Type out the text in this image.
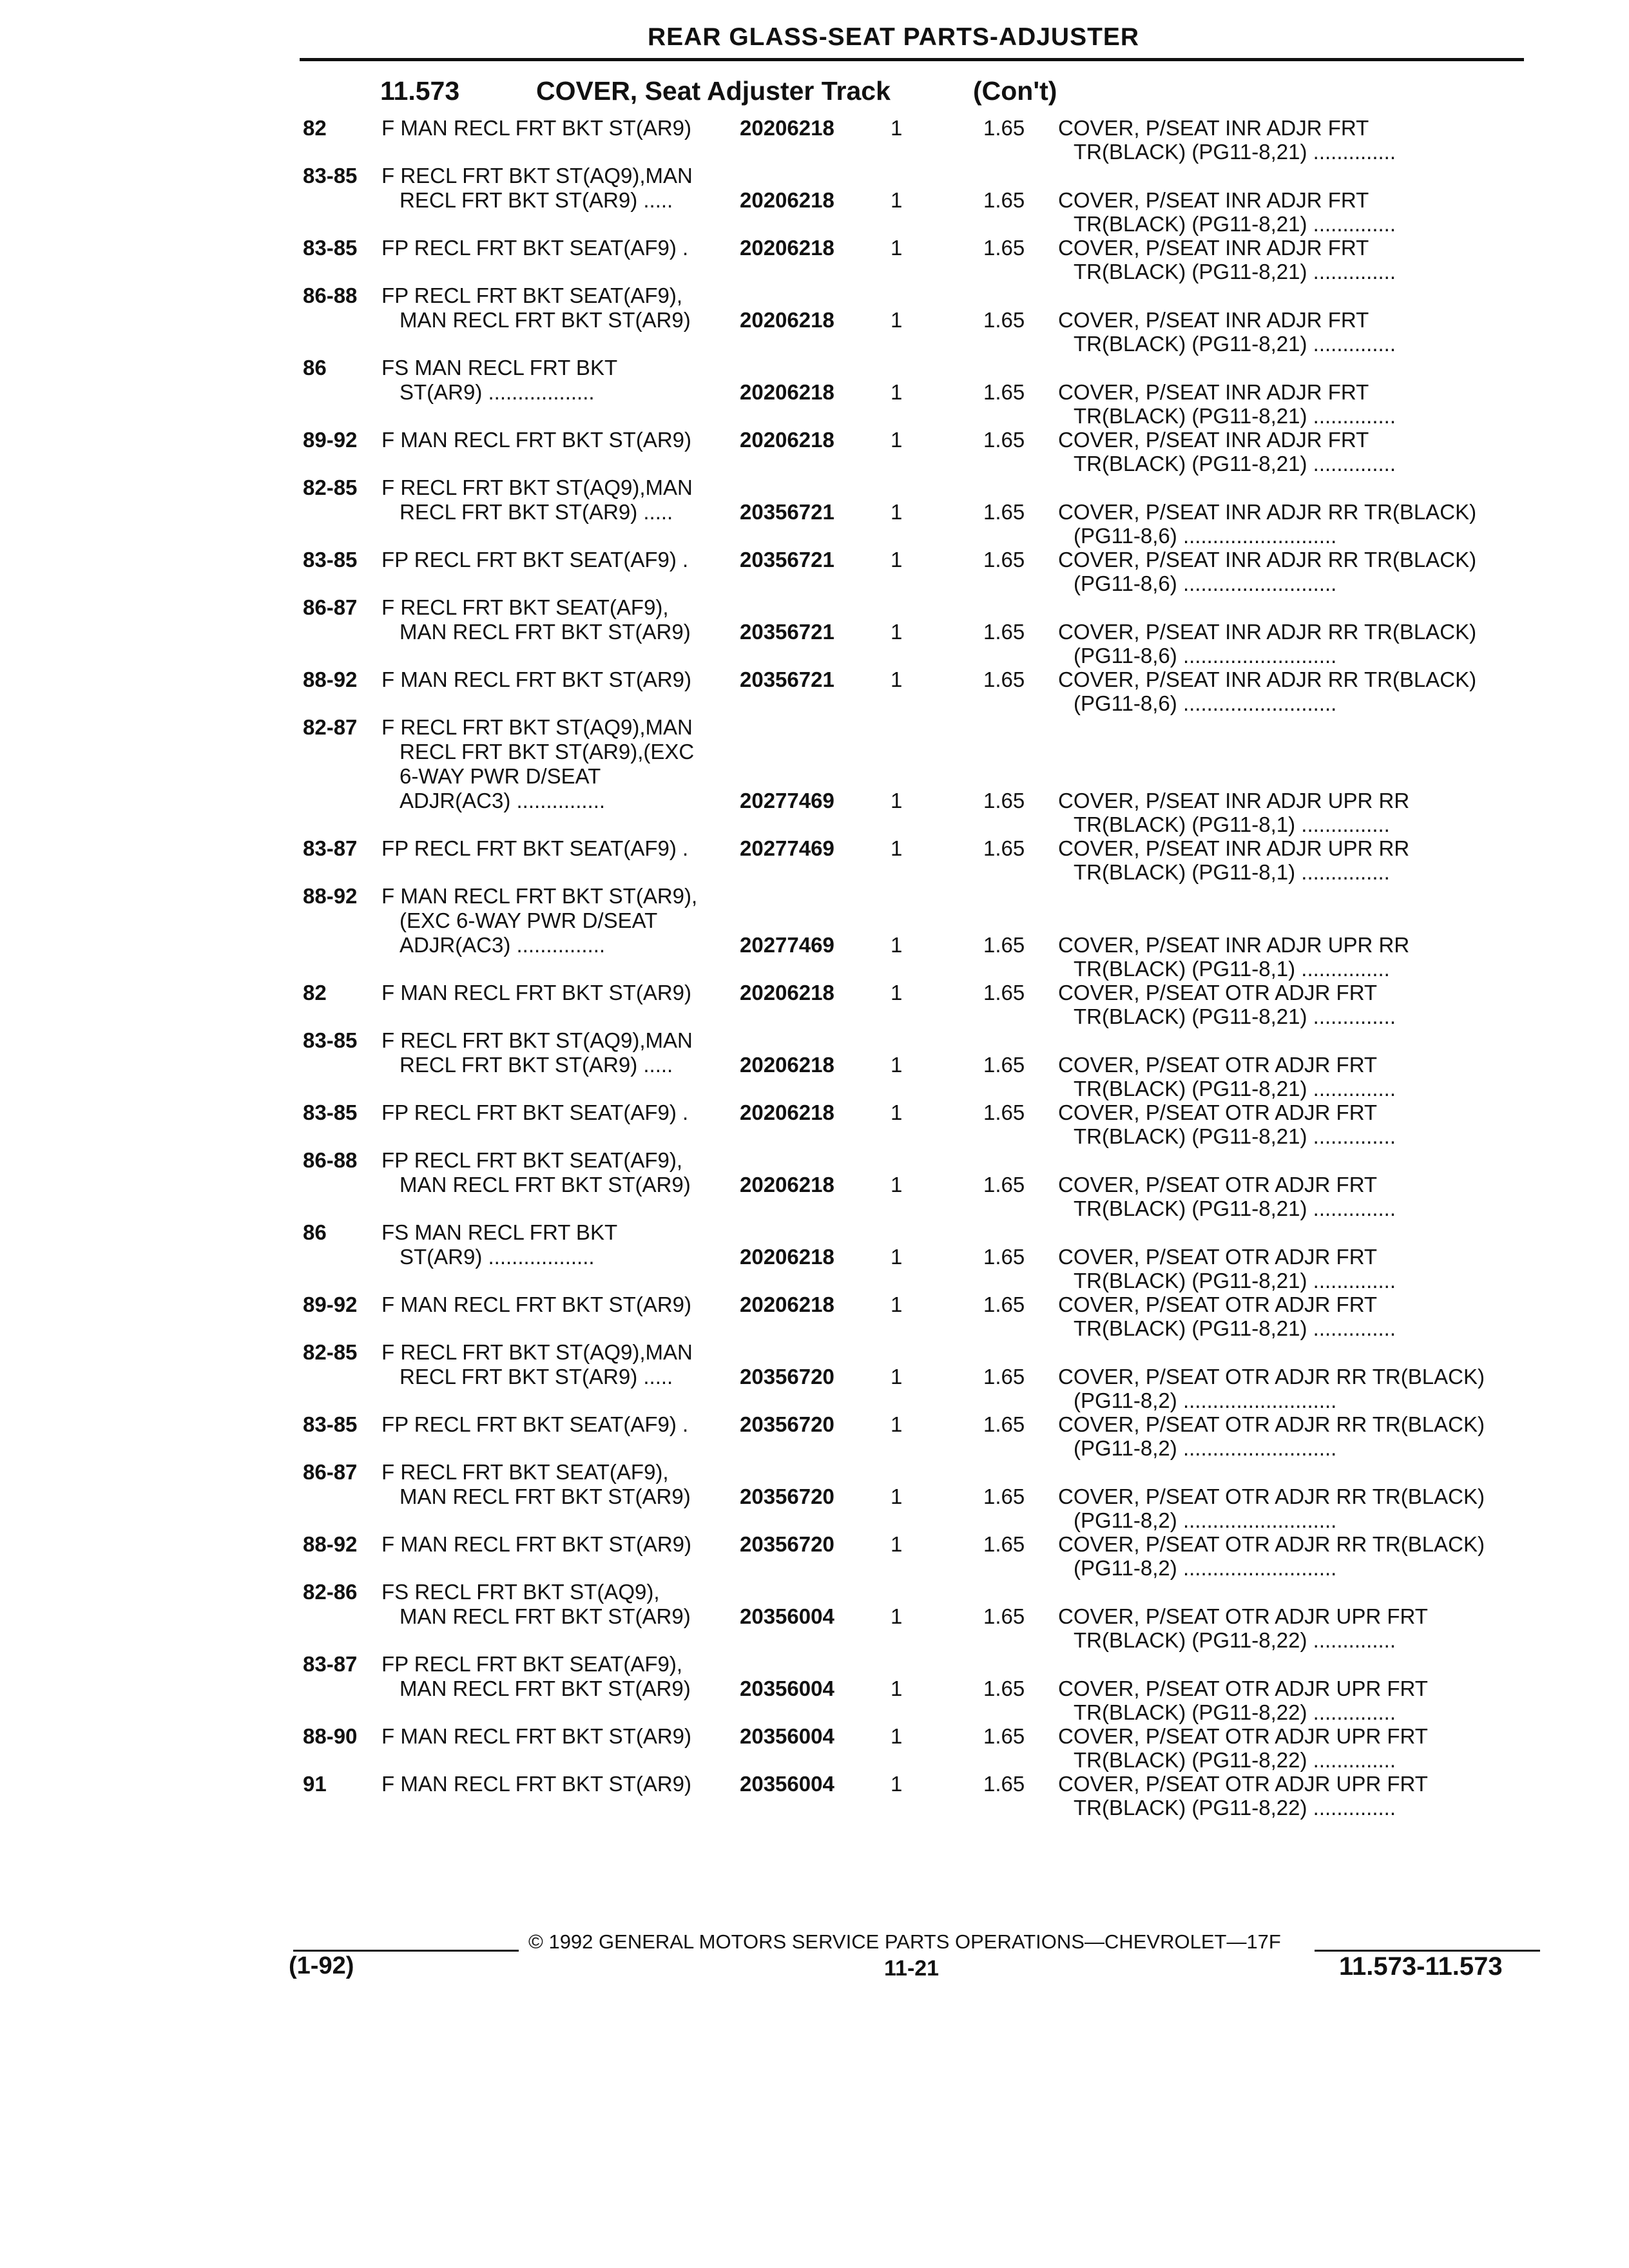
REAR GLASS-SEAT PARTS-ADJUSTER
11.573	COVER, Seat Adjuster Track	(Con't)
82	F MAN RECL FRT BKT ST(AR9) 20206218	1	1.65 COVER, P/SEAT INR ADJR FRT
TR(BLACK) (PG11-8,21) ..............
83-85 F RECL FRT BKT ST(AQ9),MAN
RECL FRT BKT ST(AR9) .....	20206218	1	1.65 COVER, P/SEAT INR ADJR FRT
TR(BLACK) (PG11-8,21) ..............
83-85 FP RECL FRT BKT SEAT(AF9) . 20206218	1	1.65 COVER, P/SEAT INR ADJR FRT
TR(BLACK) (PG11-8,21) ..............
86-88 FP RECL FRT BKT SEAT(AF9),
MAN RECL FRT BKT ST(AR9) 20206218	1	1.65 COVER, P/SEAT INR ADJR FRT
TR(BLACK) (PG11-8,21) ..............
86	FS MAN RECL FRT BKT
ST(AR9) ..................	20206218	1	1.65 COVER, P/SEAT INR ADJR FRT
TR(BLACK) (PG11-8,21) ..............
89-92 F MAN RECL FRT BKT ST(AR9) 20206218	1	1.65 COVER, P/SEAT INR ADJR FRT
TR(BLACK) (PG11-8,21) ..............
82-85 F RECL FRT BKT ST(AQ9),MAN
RECL FRT BKT ST(AR9) .....	20356721	1	1.65 COVER, P/SEAT INR ADJR RR TR(BLACK)
(PG11-8,6) ..........................
83-85 FP RECL FRT BKT SEAT(AF9) . 20356721	1	1.65 COVER, P/SEAT INR ADJR RR TR(BLACK)
(PG11-8,6) ..........................
86-87 F RECL FRT BKT SEAT(AF9),
MAN RECL FRT BKT ST(AR9) 20356721	1	1.65 COVER, P/SEAT INR ADJR RR TR(BLACK)
(PG11-8,6) ..........................
88-92 F MAN RECL FRT BKT ST(AR9) 20356721	1	1.65 COVER, P/SEAT INR ADJR RR TR(BLACK)
(PG11-8,6) ..........................
82-87 F RECL FRT BKT ST(AQ9),MAN
RECL FRT BKT ST(AR9),(EXC
6-WAY PWR D/SEAT
ADJR(AC3) ...............	20277469	1	1.65 COVER, P/SEAT INR ADJR UPR RR
TR(BLACK) (PG11-8,1) ...............
83-87 FP RECL FRT BKT SEAT(AF9) . 20277469	1	1.65 COVER, P/SEAT INR ADJR UPR RR
TR(BLACK) (PG11-8,1) ...............
88-92 F MAN RECL FRT BKT ST(AR9),
(EXC 6-WAY PWR D/SEAT
ADJR(AC3) ...............	20277469	1	1.65 COVER, P/SEAT INR ADJR UPR RR
TR(BLACK) (PG11-8,1) ...............
82	F MAN RECL FRT BKT ST(AR9) 20206218	1	1.65 COVER, P/SEAT OTR ADJR FRT
TR(BLACK) (PG11-8,21) ..............
83-85 F RECL FRT BKT ST(AQ9),MAN
RECL FRT BKT ST(AR9) .....	20206218	1	1.65 COVER, P/SEAT OTR ADJR FRT
TR(BLACK) (PG11-8,21) ..............
83-85 FP RECL FRT BKT SEAT(AF9) . 20206218	1	1.65 COVER, P/SEAT OTR ADJR FRT
TR(BLACK) (PG11-8,21) ..............
86-88 FP RECL FRT BKT SEAT(AF9),
MAN RECL FRT BKT ST(AR9) 20206218	1	1.65 COVER, P/SEAT OTR ADJR FRT
TR(BLACK) (PG11-8,21) ..............
86	FS MAN RECL FRT BKT
ST(AR9) ..................	20206218	1	1.65 COVER, P/SEAT OTR ADJR FRT
TR(BLACK) (PG11-8,21) ..............
89-92 F MAN RECL FRT BKT ST(AR9) 20206218	1	1.65 COVER, P/SEAT OTR ADJR FRT
TR(BLACK) (PG11-8,21) ..............
82-85 F RECL FRT BKT ST(AQ9),MAN
RECL FRT BKT ST(AR9) .....	20356720	1	1.65 COVER, P/SEAT OTR ADJR RR TR(BLACK)
(PG11-8,2) ..........................
83-85 FP RECL FRT BKT SEAT(AF9) . 20356720	1	1.65 COVER, P/SEAT OTR ADJR RR TR(BLACK)
(PG11-8,2) ..........................
86-87 F RECL FRT BKT SEAT(AF9),
MAN RECL FRT BKT ST(AR9) 20356720	1	1.65 COVER, P/SEAT OTR ADJR RR TR(BLACK)
(PG11-8,2) ..........................
88-92 F MAN RECL FRT BKT ST(AR9) 20356720	1	1.65 COVER, P/SEAT OTR ADJR RR TR(BLACK)
(PG11-8,2) ..........................
82-86 FS RECL FRT BKT ST(AQ9),
MAN RECL FRT BKT ST(AR9) 20356004	1	1.65 COVER, P/SEAT OTR ADJR UPR FRT
TR(BLACK) (PG11-8,22) ..............
83-87 FP RECL FRT BKT SEAT(AF9),
MAN RECL FRT BKT ST(AR9) 20356004	1	1.65 COVER, P/SEAT OTR ADJR UPR FRT
TR(BLACK) (PG11-8,22) ..............
88-90 F MAN RECL FRT BKT ST(AR9) 20356004	1	1.65 COVER, P/SEAT OTR ADJR UPR FRT
TR(BLACK) (PG11-8,22) ..............
91	F MAN RECL FRT BKT ST(AR9) 20356004	1	1.65 COVER, P/SEAT OTR ADJR UPR FRT
TR(BLACK) (PG11-8,22) ..............
© 1992 GENERAL MOTORS SERVICE PARTS OPERATIONS—CHEVROLET—17F
(1-92)	11-21	11.573-11.573
